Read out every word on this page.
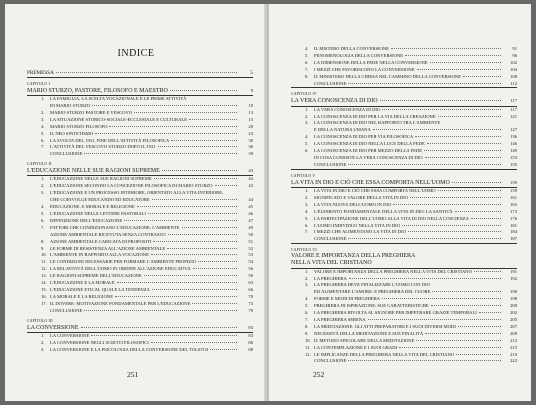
INDICE
PREMESSA	5
CAPITOLO I
MARIO STURZO, PASTORE, FILOSOFO E MAESTRO	9
1.	LA FAMIGLIA, LA SCELTA VOCAZIONALE E LE PRIME ATTIVITÀ
DI MARIO STURZO	10
2.	MARIO STURZO PASTORE E VESCOVO	13
3.	LA SITUAZIONE STORICO-SOCIALE-ECCLESIALE E CULTURALE	15
4.	MARIO STURZO FILOSOFO	20
5.	IL NEO SINTETISMO	23
6.	LA SVOLTA DEL 1931, FINE DELL'ATTIVITÀ FILOSOFICA	30
7.	L'ATTIVITÀ DEL VESCOVO STURZO DOPO IL 1931	36
CONCLUSIONE	39
CAPITOLO II
L'EDUCAZIONE NELLE SUE RAGIONI SUPREME	43
1.	L'EDUCAZIONE NELLE SUE RAGIONI SUPREME	43
2.	L'EDUCAZIONE SECONDO LA CONCEZIONE FILOSOFICA DI MARIO STURZO	43
3.	L'EDUCAZIONE E UN PROCESSO INTERIORE, ORIENTATO ALLA VITA INTERIORE,
CHE COINVOLGE EDUCANDO ED EDUCATORE	44
4.	EDUCAZIONE, E MORALE E RELIGIONE	45
5.	L'EDUCAZIONE NELLE LETTERE PASTORALI	46
6.	DEFINIZIONE DELL'EDUCAZIONE	47
7.	FATTORI CHE CONDIZIONANO L'EDUCAZIONE: L'AMBIENTE	49
AZIONE AMBIENTALE RICEVUTA SENZA CONTRASTO	50
8.	AZIONE AMBIENTALE CARICATA DI PROPOSITI	51
9.	LE FORME DI RESISTENZA ALL'AZIONE AMBIENTALE	52
10. L'AMBIENTE IN RAPPORTO ALLA VOCAZIONE	53
11. LE CONDIZIONI NECESSARIE PER FORMARE L'AMBIENTE PROPIZIO	54
12. LA RELATIVITÀ DELL'UOMO IN ORDINE ALL'AZIONE EDUCATIVA	56
13. LE RAGIONI SUPREME DELL'EDUCAZIONE	59
14. L'EDUCAZIONE E LA MORALE	63
15. L'EDUCAZIONE ETICAL QUALE LA TENDENZA	66
16. LA MORALE E LA RELIGIONE	70
17. IL DOVERE: MOTIVAZIONE FONDAMENTALE PER L'EDUCAZIONE	73
CONCLUSIONE	79
CAPITOLO III
LA CONVERSIONE	83
1.	LA CONVERSIONE	83
2.	LA CONVERSIONE NEGLI SCRITTI FILOSOFICI	86
3.	LA CONVERSIONE E LA PSICOLOGIA DELLA CONVERSIONE DEL TOLSTOJ	88
251
4.	IL MISTERO DELLA CONVERSIONE	91
5.	FENOMENOLOGIA DELLA CONVERSIONE	96
6.	LA DIMENSIONE DELLA FEDE NELLA CONVERSIONE	102
7.	I MEZZI CHE FAVORISCONO LA CONVERSIONE	104
8.	IL MINISTERO DELLA CHIESA NEL CAMMINO DELLA CONVERSIONE	108
CONCLUSIONE	112
CAPITOLO IV
LA VERA CONOSCENZA DI DIO	117
1.	LA VERA CONOSCENZA DI DIO	117
2.	LA CONOSCENZA DI DIO PER LA VIA DELLA CREAZIONE	121
3.	LA CONOSCENZA DI DIO NEL RAPPORTO TRA L'AMBIENTE
E DELLA NATURA UMANA	127
4.	LA CONOSCENZA DI DIO PER VIA FILOSOFICA	136
5.	LA CONOSCENZA DI DIO NELLA LUCE DELLA FEDE	146
6.	LA CONOSCENZA DI DIO PER MEZZO DELLA FEDE	149
IN COSA CONSISTE LA VERA CONOSCENZA DI DIO	153
CONCLUSIONE	155
CAPITOLO V
LA VITA IN DIO E CIÒ CHE ESSA COMPORTA NELL'UOMO	159
1.	LA VITA IN DIO E CIÒ CHE ESSA COMPORTA NELL'UOMO	159
2.	SIGNIFICATO E VALORE DELLA VITA IN DIO	161
3.	LA VITA NUOVA DELL'UOMO IN DIO	165
4.	L'ELEMENTO FONDAMENTALE DELLA VITA IN DIO: LA SANTITÀ	173
5.	LA PARTECIPAZIONE DELL'UOMO ALLA VITA DI DIO NELLA COSCIENZA	176
6.	L'UOMO INDIVIDUO NELLA VITA IN DIO	181
7.	I MEZZI CHE ALIMENTANO LA VITA IN DIO	184
CONCLUSIONE	187
CAPITOLO VI
VALORE E IMPORTANZA DELLA PREGHIERA
NELLA VITA DEL CRISTIANO
1.	VALORE E IMPORTANZA DELLA PREGHIERA NELLA VITA DEL CRISTIANO	191
2.	LA PREGHIERA	192
3.	LA PREGHIERA DEVE FINALIZZARE L'UOMO CON DIO
ED ALIMENTARE L'AMORE: E PREGHIERA DEL CUORE	196
4.	FORME E MODI DI PREGHIERA	198
5.	PREGHIERA DI ISPIRAZIONE: SUE CARATTERISTICHE	200
6.	LA PREGHIERA RIVOLTA AL SIGNORE PER IMPETRARE GRAZIE TEMPORALI	202
7.	LA PREGHIERA SERENA	205
8.	LA MEDITAZIONE: GLI ATTI PREPARATORI E I SUOI DIVERSI MODI	207
9.	NECESSITÀ DELLA MEDITAZIONE E SUE FINALITÀ	209
10. IL METODO SINGOLARE DELLA MEDITAZIONE	213
11. LA CONTEMPLAZIONE E I SUOI GRADI	215
12. LE IMPLICANZE DELLA PREGHIERA NELLA VITA DEL CRISTIANO	219
CONCLUSIONE	222
252
